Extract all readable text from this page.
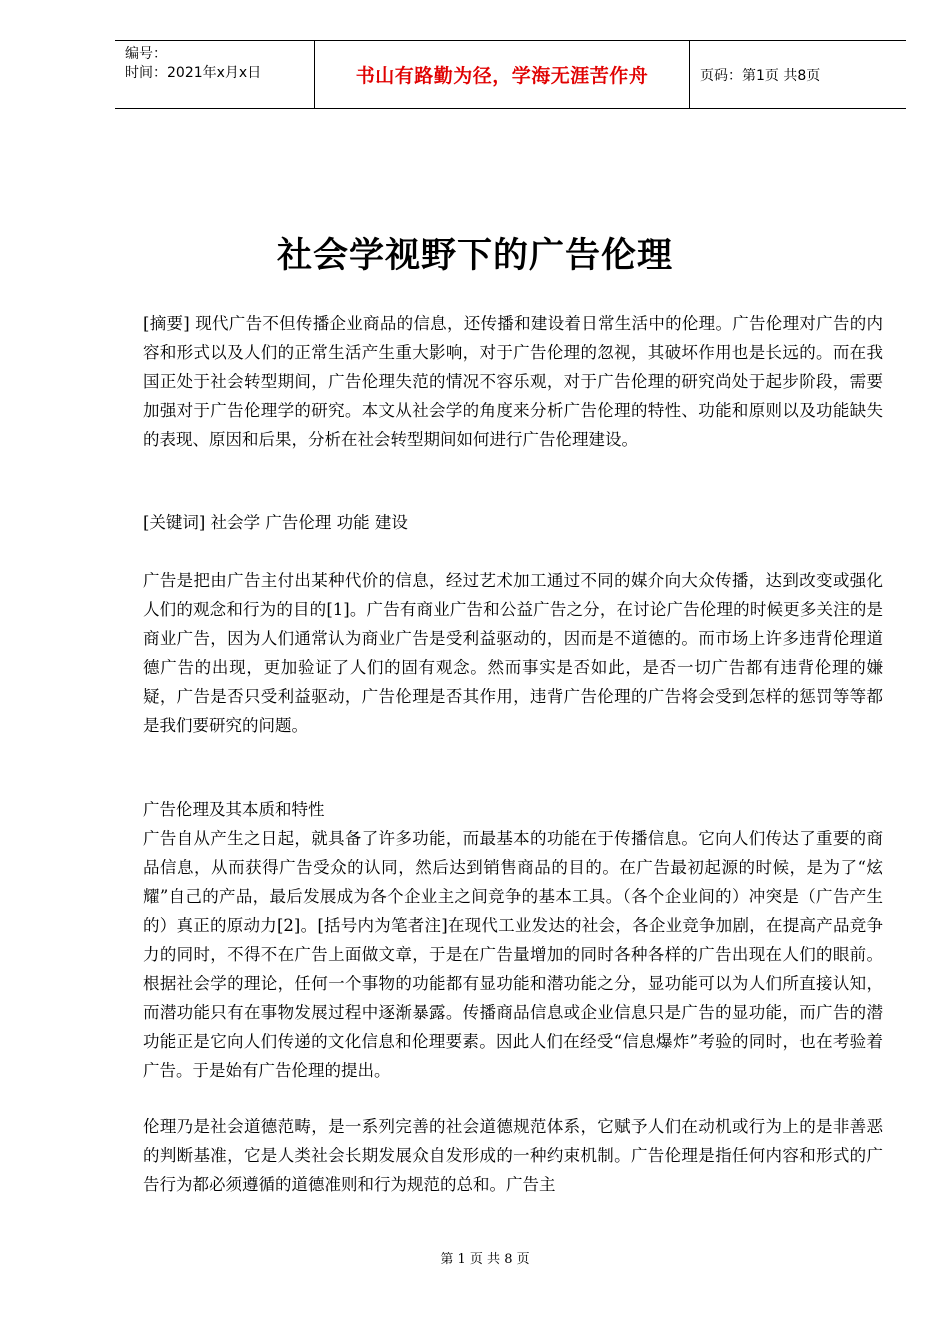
编号：
时间：2021年x月x日	书山有路勤为径，学海无涯苦作舟	页码：第1页 共8页
社会学视野下的广告伦理

[摘要] 现代广告不但传播企业商品的信息，还传播和建设着日常生活中的伦理。广告伦理对广告的内容和形式以及人们的正常生活产生重大影响，对于广告伦理的忽视，其破坏作用也是长远的。而在我国正处于社会转型期间，广告伦理失范的情况不容乐观，对于广告伦理的研究尚处于起步阶段，需要加强对于广告伦理学的研究。本文从社会学的角度来分析广告伦理的特性、功能和原则以及功能缺失的表现、原因和后果，分析在社会转型期间如何进行广告伦理建设。

[关键词] 社会学 广告伦理 功能 建设

广告是把由广告主付出某种代价的信息，经过艺术加工通过不同的媒介向大众传播，达到改变或强化人们的观念和行为的目的[1]。广告有商业广告和公益广告之分，在讨论广告伦理的时候更多关注的是商业广告，因为人们通常认为商业广告是受利益驱动的，因而是不道德的。而市场上许多违背伦理道德广告的出现，更加验证了人们的固有观念。然而事实是否如此，是否一切广告都有违背伦理的嫌疑，广告是否只受利益驱动，广告伦理是否其作用，违背广告伦理的广告将会受到怎样的惩罚等等都是我们要研究的问题。

广告伦理及其本质和特性

广告自从产生之日起，就具备了许多功能，而最基本的功能在于传播信息。它向人们传达了重要的商品信息，从而获得广告受众的认同，然后达到销售商品的目的。在广告最初起源的时候，是为了“炫耀”自己的产品，最后发展成为各个企业主之间竞争的基本工具。（各个企业间的）冲突是（广告产生的）真正的原动力[2]。[括号内为笔者注]在现代工业发达的社会，各企业竞争加剧，在提高产品竞争力的同时，不得不在广告上面做文章，于是在广告量增加的同时各种各样的广告出现在人们的眼前。根据社会学的理论，任何一个事物的功能都有显功能和潜功能之分，显功能可以为人们所直接认知，而潜功能只有在事物发展过程中逐渐暴露。传播商品信息或企业信息只是广告的显功能，而广告的潜功能正是它向人们传递的文化信息和伦理要素。因此人们在经受“信息爆炸”考验的同时，也在考验着广告。于是始有广告伦理的提出。

伦理乃是社会道德范畴，是一系列完善的社会道德规范体系，它赋予人们在动机或行为上的是非善恶的判断基准，它是人类社会长期发展众自发形成的一种约束机制。广告伦理是指任何内容和形式的广告行为都必须遵循的道德准则和行为规范的总和。广告主

第 1 页 共 8 页
